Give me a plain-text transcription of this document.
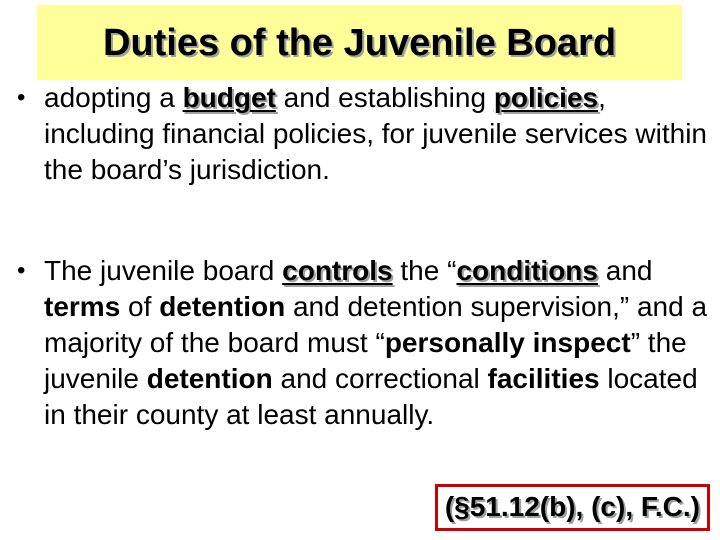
Duties of the Juvenile Board
• adopting a budget and establishing policies, including financial policies, for juvenile services within the board’s jurisdiction.
• The juvenile board controls the “conditions and terms of detention and detention supervision,” and a majority of the board must “personally inspect” the juvenile detention and correctional facilities located in their county at least annually.
(§51.12(b), (c), F.C.)
